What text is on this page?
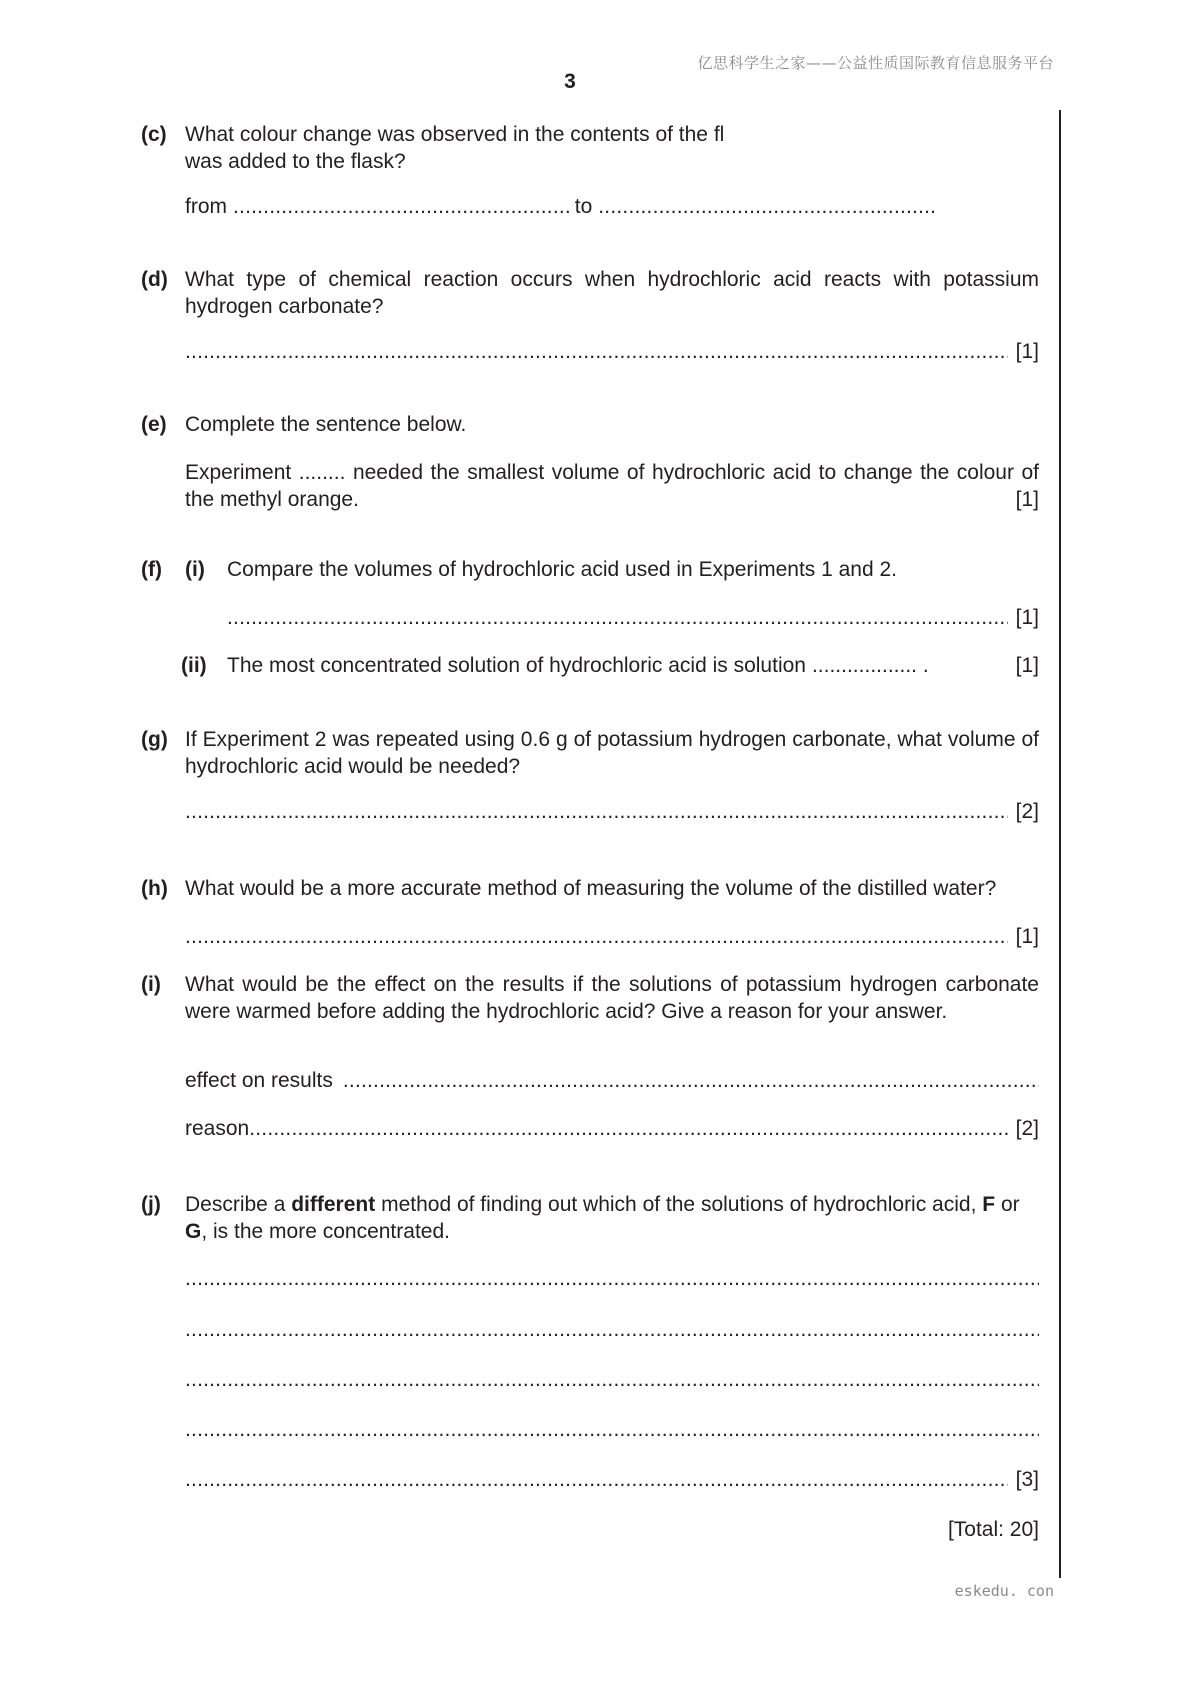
亿思科学生之家——公益性质国际教育信息服务平台
3
(c) What colour change was observed in the contents of the fl
was added to the flask?
from .....	to
.....
(d) What type of chemical reaction occurs when hydrochloric acid reacts with potassium hydrogen carbonate?
.....
[1]
(e) Complete the sentence below.
Experiment ........ needed the smallest volume of hydrochloric acid to change the colour of the methyl orange.	[1]
(f) (i) Compare the volumes of hydrochloric acid used in Experiments 1 and 2.
.....
[1]
(ii) The most concentrated solution of hydrochloric acid is solution .................. .	[1]
(g) If Experiment 2 was repeated using 0.6 g of potassium hydrogen carbonate, what volume of hydrochloric acid would be needed?
.....
[2]
(h) What would be a more accurate method of measuring the volume of the distilled water?
.....
[1]
(i) What would be the effect on the results if the solutions of potassium hydrogen carbonate were warmed before adding the hydrochloric acid? Give a reason for your answer.
effect on results
.....
reason .....	[2]
(j) Describe a different method of finding out which of the solutions of hydrochloric acid, F or G, is the more concentrated.
.....
.....
.....
.....
.....
[3]
[Total: 20]
eskedu. con
